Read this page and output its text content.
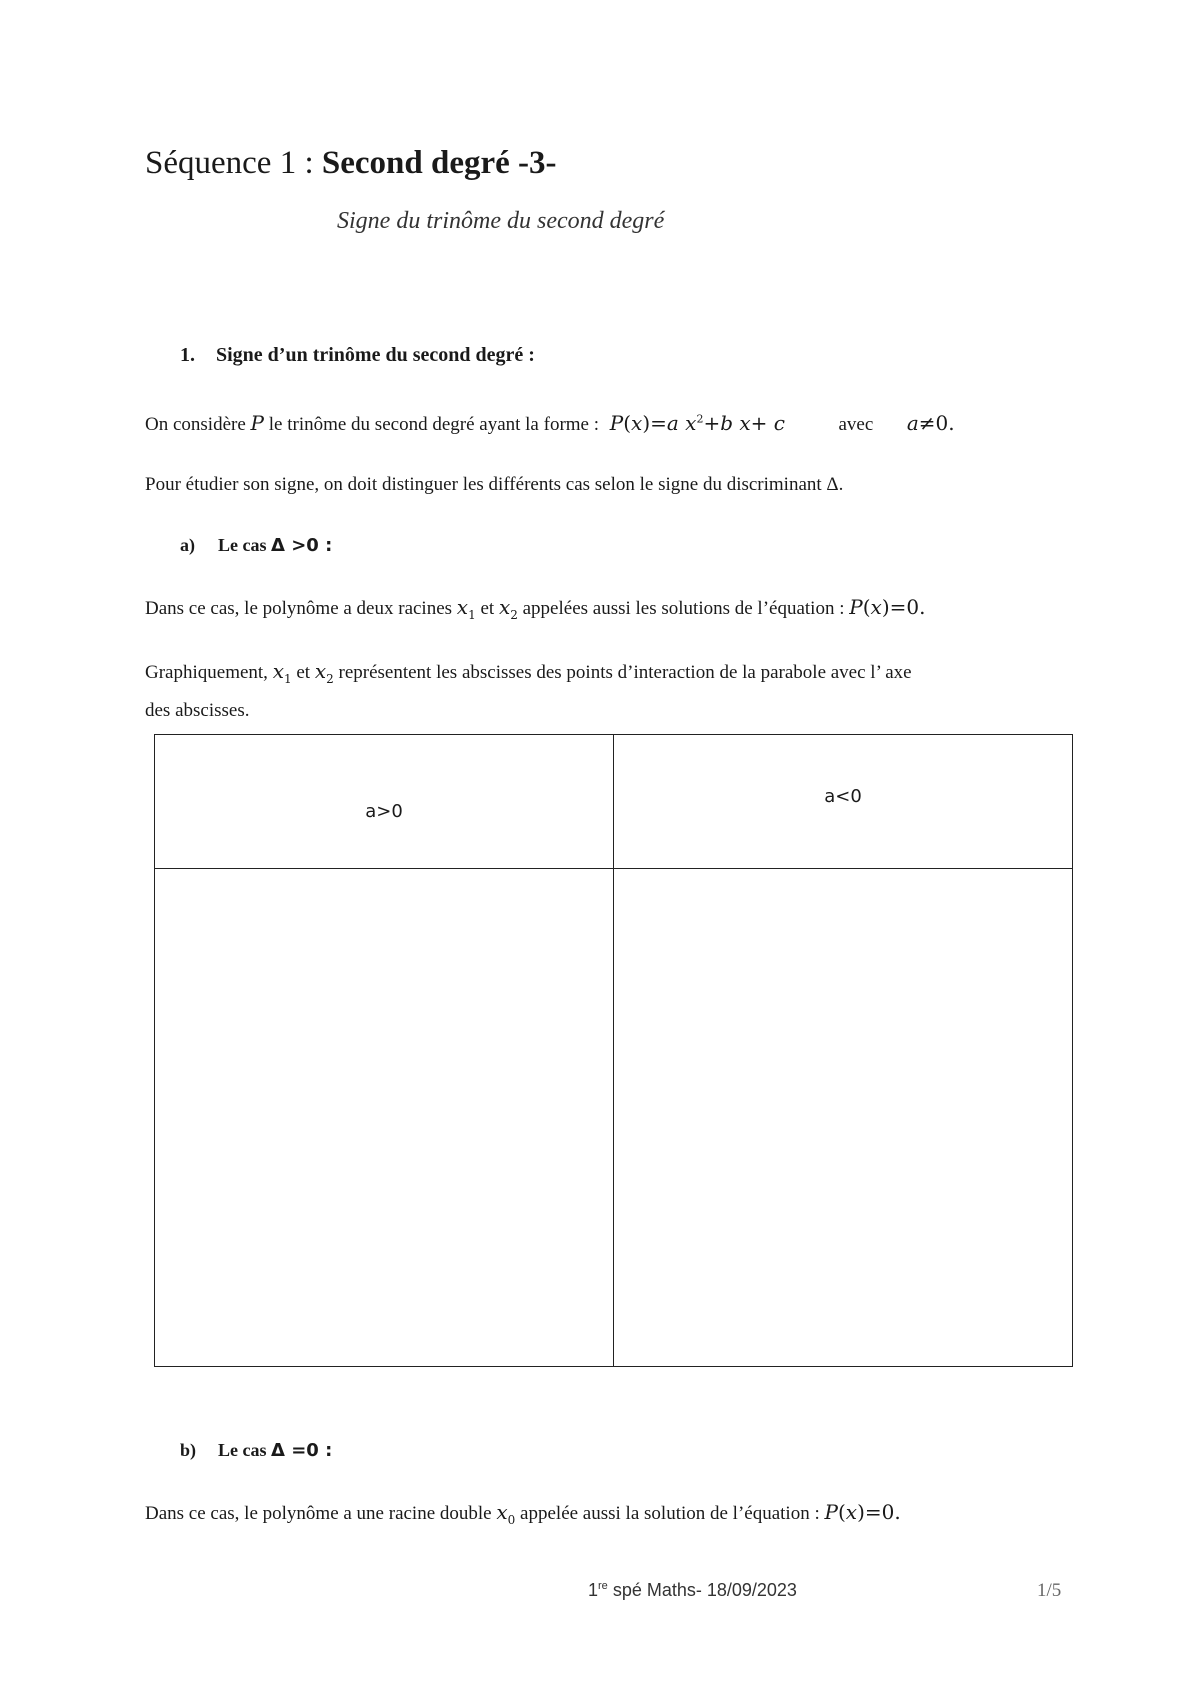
Séquence 1 : Second degré -3-
Signe du trinôme du second degré
1. Signe d’un trinôme du second degré :
On considère P le trinôme du second degré ayant la forme : P(x)=a $x^2+b$ x+ c	avec a≠0.
Pour étudier son signe, on doit distinguer les différents cas selon le signe du discriminant Δ.
a) Le cas Δ >0 :
Dans ce cas, le polynôme a deux racines $x_1$ et $x_2$ appelées aussi les solutions de l’équation : P(x)=0.
Graphiquement, $x_1$ et $x_2$ représentent les abscisses des points d’interaction de la parabole avec l’ axe
des abscisses.
a>0	a<0

b) Le cas Δ =0 :
Dans ce cas, le polynôme a une racine double $x_0$ appelée aussi la solution de l’équation : P(x)=0.
1re spé Maths- 18/09/2023	1/5
